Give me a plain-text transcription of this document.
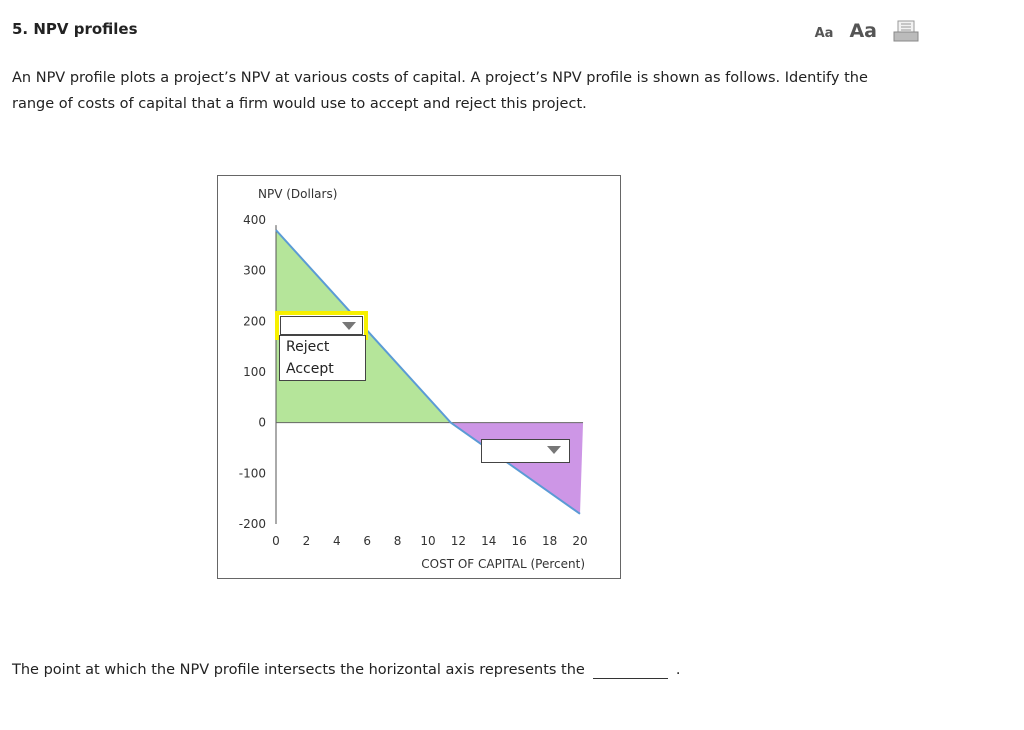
5. NPV profiles	Aa Aa
An NPV profile plots a project’s NPV at various costs of capital. A project’s NPV profile is shown as follows. Identify the range of costs of capital that a firm would use to accept and reject this project.
NPV (Dollars)
COST OF CAPITAL (Percent)
400
300
200
100
0
-100
-200
0 2 4 6 8 10 12 14 16 18 20
Reject
Accept
The point at which the NPV profile intersects the horizontal axis represents the	.
